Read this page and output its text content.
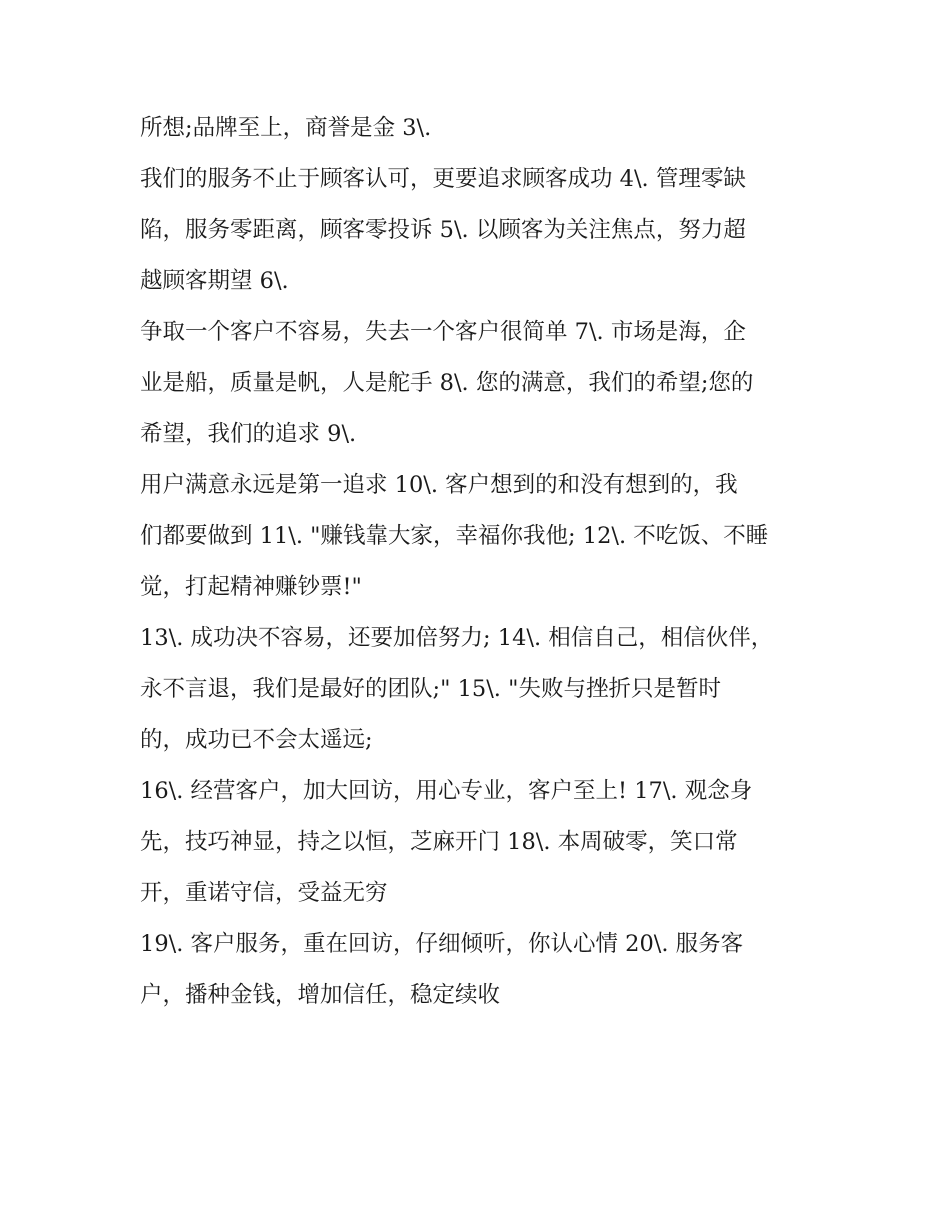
所想;品牌至上，商誉是金 3\.
我们的服务不止于顾客认可，更要追求顾客成功 4\. 管理零缺
陷，服务零距离，顾客零投诉 5\. 以顾客为关注焦点，努力超
越顾客期望 6\.
争取一个客户不容易，失去一个客户很简单 7\. 市场是海，企
业是船，质量是帆，人是舵手 8\. 您的满意，我们的希望;您的
希望，我们的追求 9\.
用户满意永远是第一追求 10\. 客户想到的和没有想到的，我
们都要做到 11\. "赚钱靠大家，幸福你我他; 12\. 不吃饭、不睡
觉，打起精神赚钞票!"
13\. 成功决不容易，还要加倍努力; 14\. 相信自己，相信伙伴，
永不言退，我们是最好的团队;" 15\. "失败与挫折只是暂时
的，成功已不会太遥远;
16\. 经营客户，加大回访，用心专业，客户至上! 17\. 观念身
先，技巧神显，持之以恒，芝麻开门 18\. 本周破零，笑口常
开，重诺守信，受益无穷
19\. 客户服务，重在回访，仔细倾听，你认心情 20\. 服务客
户，播种金钱，增加信任，稳定续收
